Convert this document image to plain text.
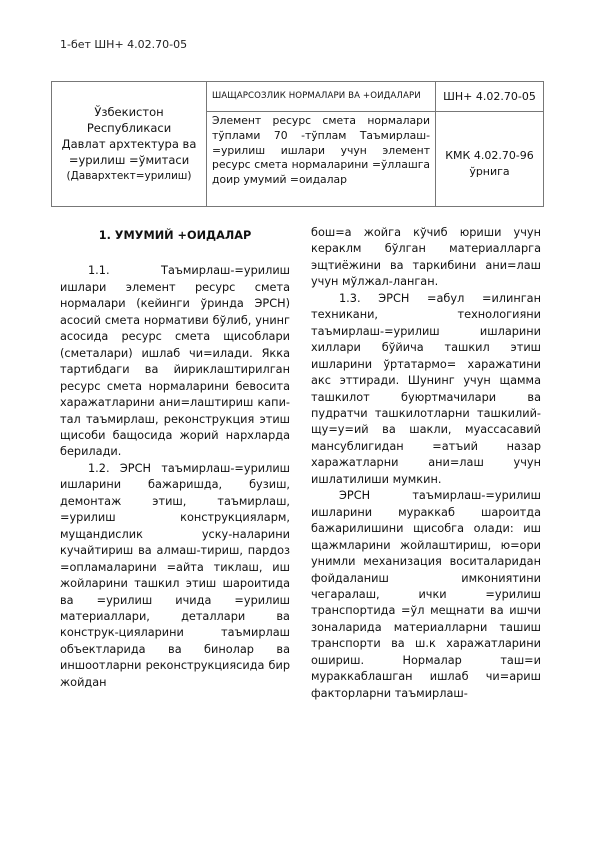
1-бет ШН+ 4.02.70-05
Ўзбекистон
Республикаси
Давлат архтектура ва
=урилиш =ўмитаси
(Давархтект=урилиш)
ШАЩАРСОЗЛИК НОРМАЛАРИ ВА +ОИДАЛАРИ	ШН+ 4.02.70-05
Элемент ресурс смета нормалари тўплами 70 -тўплам Таъмирлаш-=урилиш ишлари учун элемент ресурс смета нормаларини =ўллашга доир умумий =оидалар
КМК 4.02.70-96 ўрнига
1. УМУМИЙ +ОИДАЛАР

1.1. Таъмирлаш-=урилиш ишлари элемент ресурс смета нормалари (кейинги ўринда ЭРСН) асосий смета нормативи бўлиб, унинг асосида ресурс смета щисоблари (сметалари) ишлаб чи=илади. Якка тартибдаги ва йириклаштирилган ресурс смета нормаларини бевосита харажатларини ани=лаштириш капи-тал таъмирлаш, реконструкция этиш щисоби бащосида жорий нархларда берилади.

1.2. ЭРСН таъмирлаш-=урилиш ишларини бажаришда, бузиш, демонтаж этиш, таъмирлаш, =урилиш конструкцияларм, мущандислик уску-наларини кучайтириш ва алмаш-тириш, пардоз =опламаларини =айта тиклаш, иш жойларини ташкил этиш шароитида ва =урилиш ичида =урилиш материаллари, деталлари ва конструк-цияларини таъмирлаш объектларида ва бинолар ва иншоотларни реконструкциясида бир жойдан

бош=а жойга кўчиб юриши учун кераклм бўлган материалларга эщтиёжини ва таркибини ани=лаш учун мўлжал-ланган.

1.3. ЭРСН =абул =илинган техникани, технологияни таъмирлаш-=урилиш ишларини хиллари бўйича ташкил этиш ишларини ўртатармо= харажатини акс эттиради. Шунинг учун щамма ташкилот буюртмачилари ва пудратчи ташкилотларни ташкилий-щу=у=ий ва шакли, муассасавий мансублигидан =атъий назар харажатларни ани=лаш учун ишлатилиши мумкин.

ЭРСН таъмирлаш-=урилиш ишларини мураккаб шароитда бажарилишини щисобга олади: иш щажмларини жойлаштириш, ю=ори унимли механизация воситаларидан фойдаланиш имкониятини чегаралаш, ички =урилиш транспортида =ўл мещнати ва ишчи зоналарида материалларни ташиш транспорти ва ш.к харажатларини ошириш. Нормалар таш=и мураккаблашган ишлаб чи=ариш факторларни таъмирлаш-
